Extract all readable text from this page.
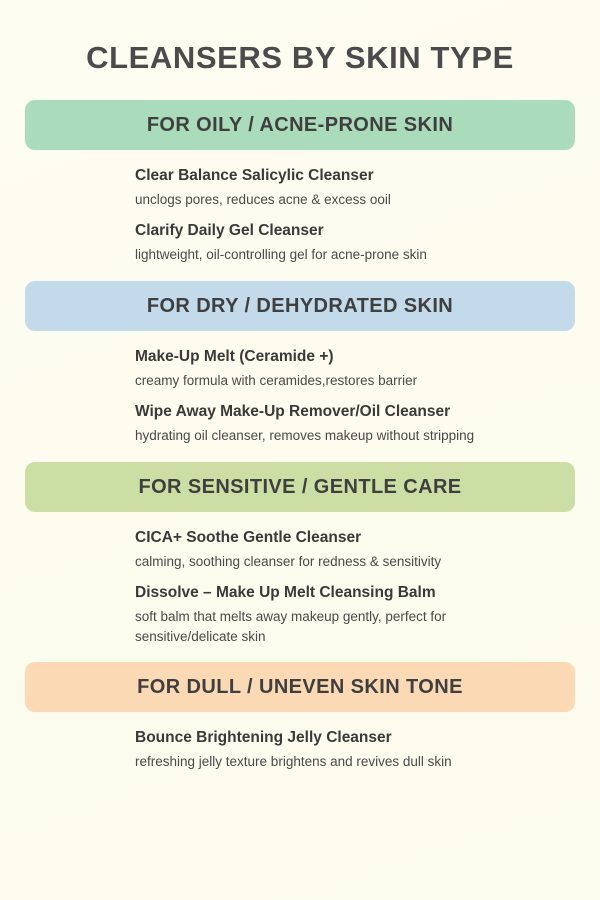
CLEANSERS BY SKIN TYPE
FOR OILY / ACNE-PRONE SKIN

Clear Balance Salicylic Cleanser

unclogs pores, reduces acne & excess ooil

Clarify Daily Gel Cleanser

lightweight, oil-controlling gel for acne-prone skin

FOR DRY / DEHYDRATED SKIN

Make-Up Melt (Ceramide +)

creamy formula with ceramides,restores barrier

Wipe Away Make-Up Remover/Oil Cleanser

hydrating oil cleanser, removes makeup without stripping

FOR SENSITIVE / GENTLE CARE

CICA+ Soothe Gentle Cleanser

calming, soothing cleanser for redness & sensitivity

Dissolve – Make Up Melt Cleansing Balm

soft balm that melts away makeup gently, perfect for sensitive/delicate skin

FOR DULL / UNEVEN SKIN TONE

Bounce Brightening Jelly Cleanser

refreshing jelly texture brightens and revives dull skin
